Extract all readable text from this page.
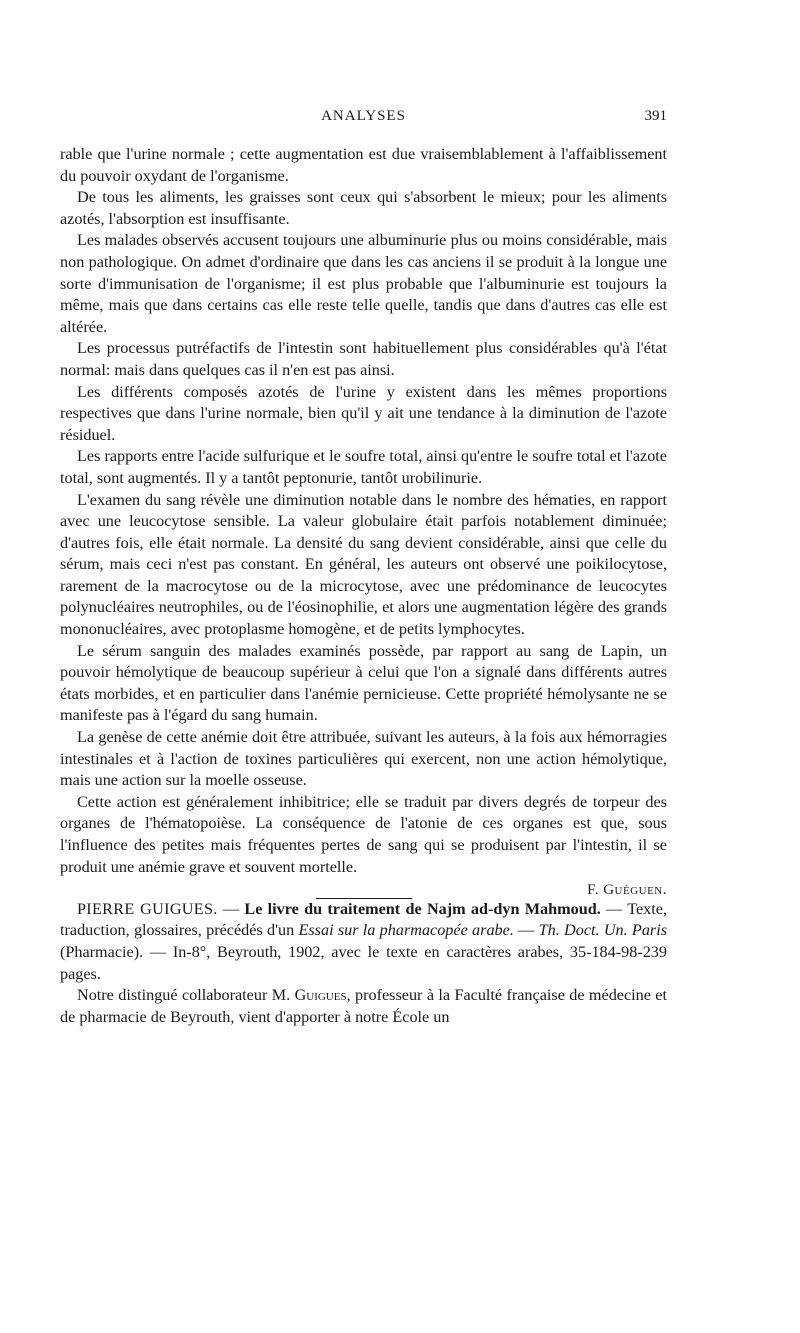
ANALYSES	391

rable que l'urine normale ; cette augmentation est due vraisemblablement à l'affaiblissement du pouvoir oxydant de l'organisme.

De tous les aliments, les graisses sont ceux qui s'absorbent le mieux; pour les aliments azotés, l'absorption est insuffisante.

Les malades observés accusent toujours une albuminurie plus ou moins considérable, mais non pathologique. On admet d'ordinaire que dans les cas anciens il se produit à la longue une sorte d'immunisation de l'organisme; il est plus probable que l'albuminurie est toujours la même, mais que dans certains cas elle reste telle quelle, tandis que dans d'autres cas elle est altérée.

Les processus putréfactifs de l'intestin sont habituellement plus considérables qu'à l'état normal: mais dans quelques cas il n'en est pas ainsi.

Les différents composés azotés de l'urine y existent dans les mêmes proportions respectives que dans l'urine normale, bien qu'il y ait une tendance à la diminution de l'azote résiduel.

Les rapports entre l'acide sulfurique et le soufre total, ainsi qu'entre le soufre total et l'azote total, sont augmentés. Il y a tantôt peptonurie, tantôt urobilinurie.

L'examen du sang révèle une diminution notable dans le nombre des hématies, en rapport avec une leucocytose sensible. La valeur globulaire était parfois notablement diminuée; d'autres fois, elle était normale. La densité du sang devient considérable, ainsi que celle du sérum, mais ceci n'est pas constant. En général, les auteurs ont observé une poikilocytose, rarement de la macrocytose ou de la microcytose, avec une prédominance de leucocytes polynucléaires neutrophiles, ou de l'éosinophilie, et alors une augmentation légère des grands mononucléaires, avec protoplasme homogène, et de petits lymphocytes.

Le sérum sanguin des malades examinés possède, par rapport au sang de Lapin, un pouvoir hémolytique de beaucoup supérieur à celui que l'on a signalé dans différents autres états morbides, et en particulier dans l'anémie pernicieuse. Cette propriété hémolysante ne se manifeste pas à l'égard du sang humain.

La genèse de cette anémie doit être attribuée, suivant les auteurs, à la fois aux hémorragies intestinales et à l'action de toxines particulières qui exercent, non une action hémolytique, mais une action sur la moelle osseuse.

Cette action est généralement inhibitrice; elle se traduit par divers degrés de torpeur des organes de l'hématopoièse. La conséquence de l'atonie de ces organes est que, sous l'influence des petites mais fréquentes pertes de sang qui se produisent par l'intestin, il se produit une anémie grave et souvent mortelle.

F. Guéguen.

PIERRE GUIGUES. — Le livre du traitement de Najm ad-dyn Mahmoud. — Texte, traduction, glossaires, précédés d'un Essai sur la pharmacopée arabe. — Th. Doct. Un. Paris (Pharmacie). — In-8°, Beyrouth, 1902, avec le texte en caractères arabes, 35-184-98-239 pages.

Notre distingué collaborateur M. Guigues, professeur à la Faculté française de médecine et de pharmacie de Beyrouth, vient d'apporter à notre École un
